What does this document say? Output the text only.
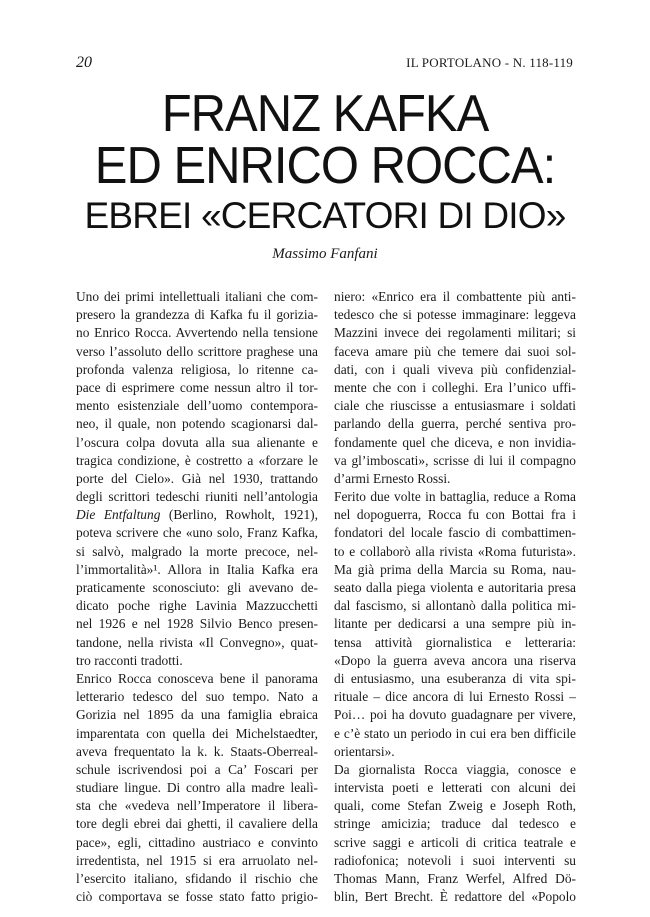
20	IL PORTOLANO - N. 118-119
FRANZ KAFKA
ED ENRICO ROCCA:
EBREI «CERCATORI DI DIO»
Massimo Fanfani
Uno dei primi intellettuali italiani che com-
presero la grandezza di Kafka fu il gorizia-
no Enrico Rocca. Avvertendo nella tensione
verso l’assoluto dello scrittore praghese una
profonda valenza religiosa, lo ritenne ca-
pace di esprimere come nessun altro il tor-
mento esistenziale dell’uomo contempora-
neo, il quale, non potendo scagionarsi dal-
l’oscura colpa dovuta alla sua alienante e
tragica condizione, è costretto a «forzare le
porte del Cielo». Già nel 1930, trattando
degli scrittori tedeschi riuniti nell’antologia
Die Entfaltung (Berlino, Rowholt, 1921),
poteva scrivere che «uno solo, Franz Kafka,
si salvò, malgrado la morte precoce, nel-
l’immortalità»¹. Allora in Italia Kafka era
praticamente sconosciuto: gli avevano de-
dicato poche righe Lavinia Mazzucchetti
nel 1926 e nel 1928 Silvio Benco presen-
tandone, nella rivista «Il Convegno», quat-
tro racconti tradotti.
Enrico Rocca conosceva bene il panorama
letterario tedesco del suo tempo. Nato a
Gorizia nel 1895 da una famiglia ebraica
imparentata con quella dei Michelstaedter,
aveva frequentato la k. k. Staats-Oberreal-
schule iscrivendosi poi a Ca’ Foscari per
studiare lingue. Di contro alla madre lealì-
sta che «vedeva nell’Imperatore il libera-
tore degli ebrei dai ghetti, il cavaliere della
pace», egli, cittadino austriaco e convinto
irredentista, nel 1915 si era arruolato nel-
l’esercito italiano, sfidando il rischio che
ciò comportava se fosse stato fatto prigio-
niero: «Enrico era il combattente più anti-
tedesco che si potesse immaginare: leggeva
Mazzini invece dei regolamenti militari; si
faceva amare più che temere dai suoi sol-
dati, con i quali viveva più confidenzial-
mente che con i colleghi. Era l’unico uffi-
ciale che riuscisse a entusiasmare i soldati
parlando della guerra, perché sentiva pro-
fondamente quel che diceva, e non invidia-
va gl’imboscati», scrisse di lui il compagno
d’armi Ernesto Rossi.
Ferito due volte in battaglia, reduce a Roma
nel dopoguerra, Rocca fu con Bottai fra i
fondatori del locale fascio di combattimen-
to e collaborò alla rivista «Roma futurista».
Ma già prima della Marcia su Roma, nau-
seato dalla piega violenta e autoritaria presa
dal fascismo, si allontanò dalla politica mi-
litante per dedicarsi a una sempre più in-
tensa attività giornalistica e letteraria:
«Dopo la guerra aveva ancora una riserva
di entusiasmo, una esuberanza di vita spi-
rituale – dice ancora di lui Ernesto Rossi –
Poi… poi ha dovuto guadagnare per vivere,
e c’è stato un periodo in cui era ben difficile
orientarsi».
Da giornalista Rocca viaggia, conosce e
intervista poeti e letterati con alcuni dei
quali, come Stefan Zweig e Joseph Roth,
stringe amicizia; traduce dal tedesco e
scrive saggi e articoli di critica teatrale e
radiofonica; notevoli i suoi interventi su
Thomas Mann, Franz Werfel, Alfred Dö-
blin, Bert Brecht. È redattore del «Popolo
